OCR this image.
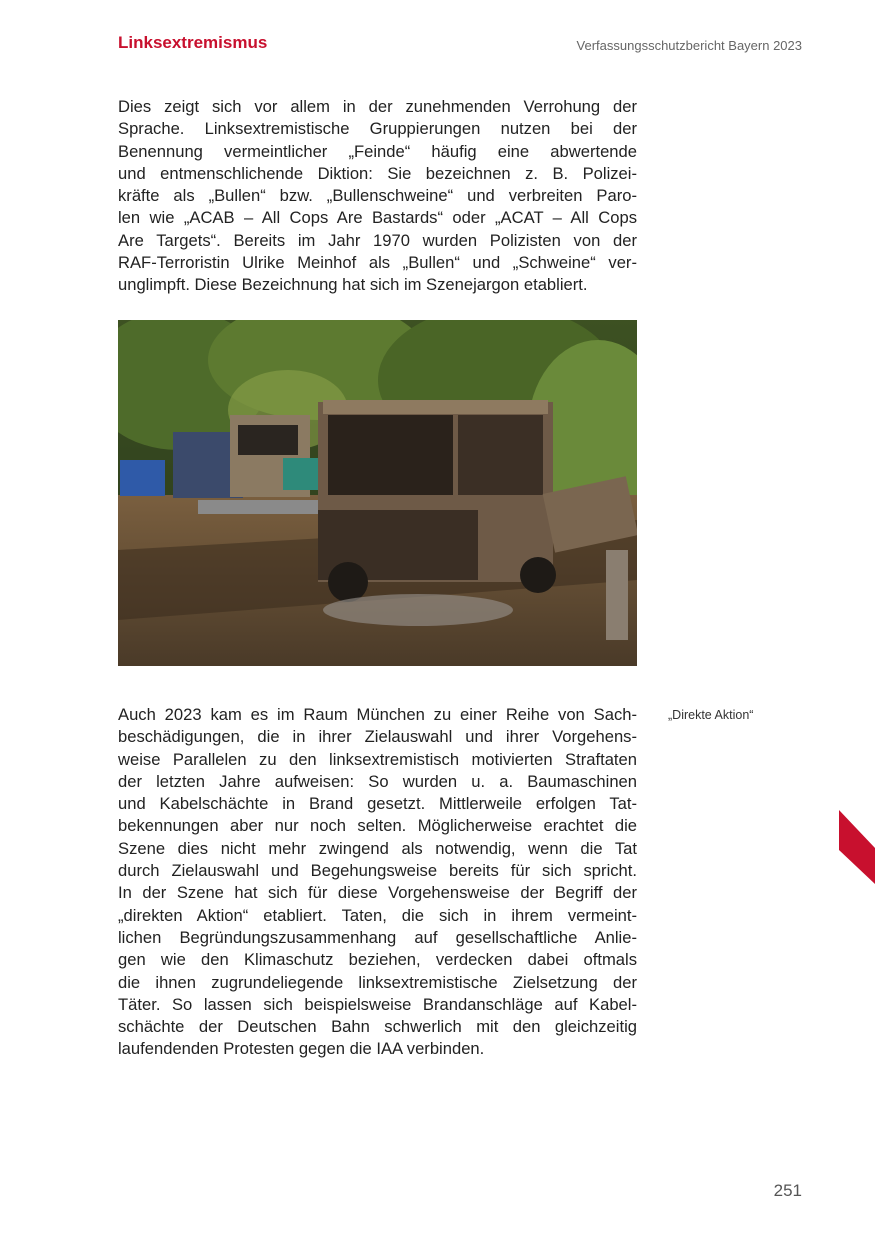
Linksextremismus	Verfassungsschutzbericht Bayern 2023
Dies zeigt sich vor allem in der zunehmenden Verrohung der
Sprache. Linksextremistische Gruppierungen nutzen bei der
Benennung vermeintlicher „Feinde“ häufig eine abwertende
und entmenschlichende Diktion: Sie bezeichnen z. B. Polizei-
kräfte als „Bullen“ bzw. „Bullenschweine“ und verbreiten Paro-
len wie „ACAB – All Cops Are Bastards“ oder „ACAT – All Cops
Are Targets“. Bereits im Jahr 1970 wurden Polizisten von der
RAF-Terroristin Ulrike Meinhof als „Bullen“ und „Schweine“ ver-
unglimpft. Diese Bezeichnung hat sich im Szenejargon etabliert.
„Direkte Aktion“
Auch 2023 kam es im Raum München zu einer Reihe von Sach-
beschädigungen, die in ihrer Zielauswahl und ihrer Vorgehens-
weise Parallelen zu den linksextremistisch motivierten Straftaten
der letzten Jahre aufweisen: So wurden u. a. Baumaschinen
und Kabelschächte in Brand gesetzt. Mittlerweile erfolgen Tat-
bekennungen aber nur noch selten. Möglicherweise erachtet die
Szene dies nicht mehr zwingend als notwendig, wenn die Tat
durch Zielauswahl und Begehungsweise bereits für sich spricht.
In der Szene hat sich für diese Vorgehensweise der Begriff der
„direkten Aktion“ etabliert. Taten, die sich in ihrem vermeint-
lichen Begründungszusammenhang auf gesellschaftliche Anlie-
gen wie den Klimaschutz beziehen, verdecken dabei oftmals
die ihnen zugrundeliegende linksextremistische Zielsetzung der
Täter. So lassen sich beispielsweise Brandanschläge auf Kabel-
schächte der Deutschen Bahn schwerlich mit den gleichzeitig
laufendenden Protesten gegen die IAA verbinden.
251
